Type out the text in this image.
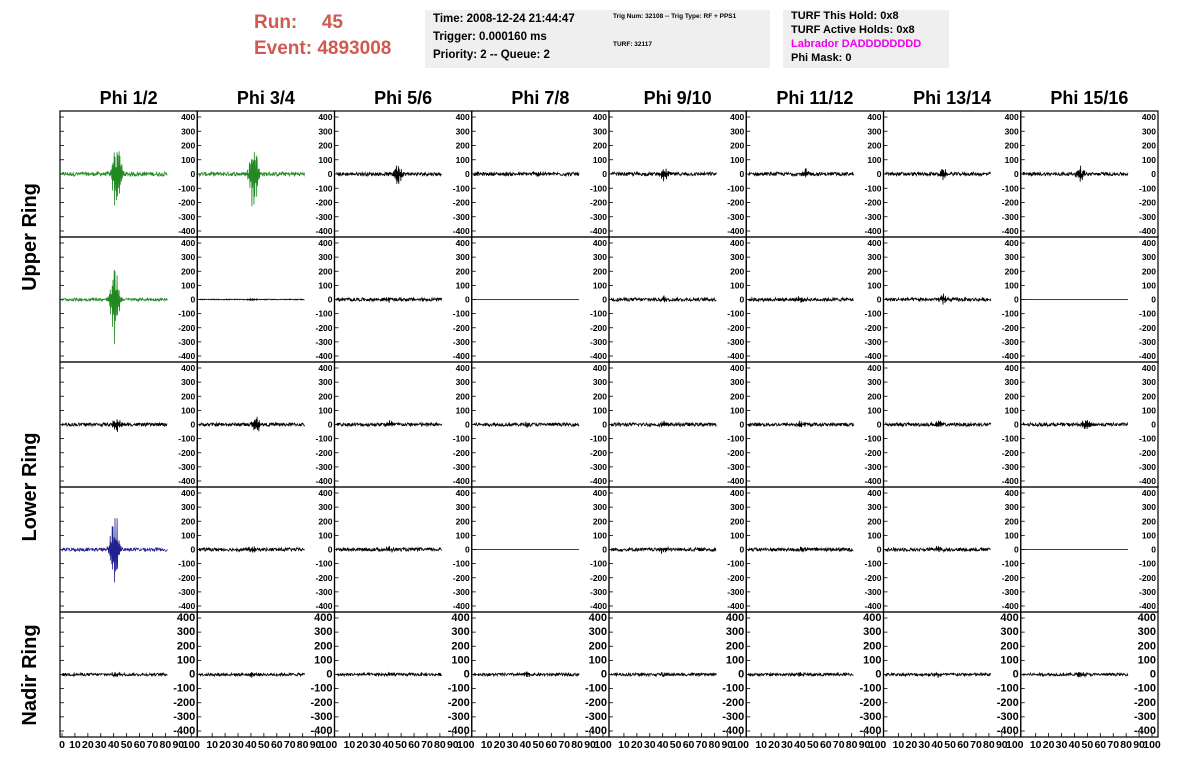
Run: 45
Event: 4893008
Time: 2008-12-24 21:44:47
Trigger: 0.000160 ms
Priority: 2 -- Queue: 2
Trig Num: 32108 -- Trig Type: RF + PPS1
TURF: 32117
TURF This Hold: 0x8
TURF Active Holds: 0x8
Labrador DADDDDDDDD
Phi Mask: 0
Phi 1/2	Phi 3/4	Phi 5/6	Phi 7/8	Phi 9/10	Phi 11/12	Phi 13/14	Phi 15/16
Upper Ring
Lower Ring
Nadir Ring
400
300
200
100
0
-100
-200
-300
-400
400
300
200
100
0
-100
-200
-300
-400
400
300
200
100
0
-100
-200
-300
-400
400
300
200
100
0
-100
-200
-300
-400
400
300
200
100
0
-100
-200
-300
-400
400
300
200
100
0
-100
-200
-300
-400
400
300
200
100
0
-100
-200
-300
-400
400
300
200
100
0
-100
-200
-300
-400
400
300
200
100
0
-100
-200
-300
-400
400
300
200
100
0
-100
-200
-300
-400
400
300
200
100
0
-100
-200
-300
-400
400
300
200
100
0
-100
-200
-300
-400
400
300
200
100
0
-100
-200
-300
-400
400
300
200
100
0
-100
-200
-300
-400
400
300
200
100
0
-100
-200
-300
-400
400
300
200
100
0
-100
-200
-300
-400
400
300
200
100
0
-100
-200
-300
-400
400
300
200
100
0
-100
-200
-300
-400
400
300
200
100
0
-100
-200
-300
-400
400
300
200
100
0
-100
-200
-300
-400
400
300
200
100
0
-100
-200
-300
-400
400
300
200
100
0
-100
-200
-300
-400
400
300
200
100
0
-100
-200
-300
-400
400
300
200
100
0
-100
-200
-300
-400
400
300
200
100
0
-100
-200
-300
-400
400
300
200
100
0
-100
-200
-300
-400
400
300
200
100
0
-100
-200
-300
-400
400
300
200
100
0
-100
-200
-300
-400
400
300
200
100
0
-100
-200
-300
-400
400
300
200
100
0
-100
-200
-300
-400
400
300
200
100
0
-100
-200
-300
-400
400
300
200
100
0
-100
-200
-300
-400
400
300
200
100
0
-100
-200
-300
-400
400
300
200
100
0
-100
-200
-300
-400
400
300
200
100
0
-100
-200
-300
-400
400
300
200
100
0
-100
-200
-300
-400
400
300
200
100
0
-100
-200
-300
-400
400
300
200
100
0
-100
-200
-300
-400
400
300
200
100
0
-100
-200
-300
-400
400
300
200
100
0
-100
-200
-300
-400
0 10 20 30 40 50 60 70 80 90
100 10 20 30 40 50 60 70 80 90
100 10 20 30 40 50 60 70 80 90
100 10 20 30 40 50 60 70 80 90
100 10 20 30 40 50 60 70 80 90
100 10 20 30 40 50 60 70 80 90
100 10 20 30 40 50 60 70 80 90
100 10 20 30 40 50 60 70 80 90
100
